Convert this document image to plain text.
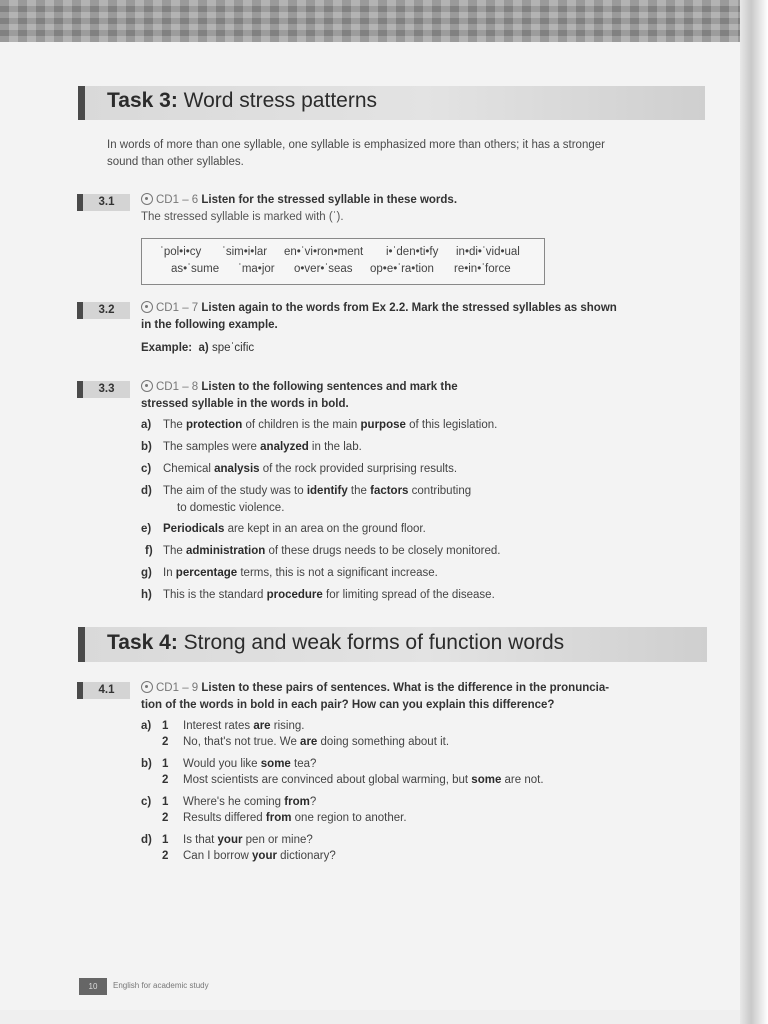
Task 3: Word stress patterns
In words of more than one syllable, one syllable is emphasized more than others; it has a stronger
sound than other syllables.
3.1	CD1 – 6 Listen for the stressed syllable in these words.
The stressed syllable is marked with (ˈ).
ˈpol•i•cy ˈsim•i•lar en•ˈvi•ron•ment i•ˈden•ti•fy in•di•ˈvid•ual
as•ˈsume ˈma•jor o•ver•ˈseas op•e•ˈra•tion re•in•ˈforce
3.2	CD1 – 7 Listen again to the words from Ex 2.2. Mark the stressed syllables as shown
in the following example.
Example: a) speˈcific
3.3	CD1 – 8 Listen to the following sentences and mark the
stressed syllable in the words in bold.
a) The protection of children is the main purpose of this legislation.
b) The samples were analyzed in the lab.
c) Chemical analysis of the rock provided surprising results.
d) The aim of the study was to identify the factors contributing
to domestic violence.
e) Periodicals are kept in an area on the ground floor.
f) The administration of these drugs needs to be closely monitored.
g) In percentage terms, this is not a significant increase.
h) This is the standard procedure for limiting spread of the disease.
Task 4: Strong and weak forms of function words
4.1	CD1 – 9 Listen to these pairs of sentences. What is the difference in the pronuncia-
tion of the words in bold in each pair? How can you explain this difference?
a) 1 Interest rates are rising.
2 No, that's not true. We are doing something about it.
b) 1 Would you like some tea?
2 Most scientists are convinced about global warming, but some are not.
c) 1 Where's he coming from?
2 Results differed from one region to another.
d) 1 Is that your pen or mine?
2 Can I borrow your dictionary?
10	English for academic study
